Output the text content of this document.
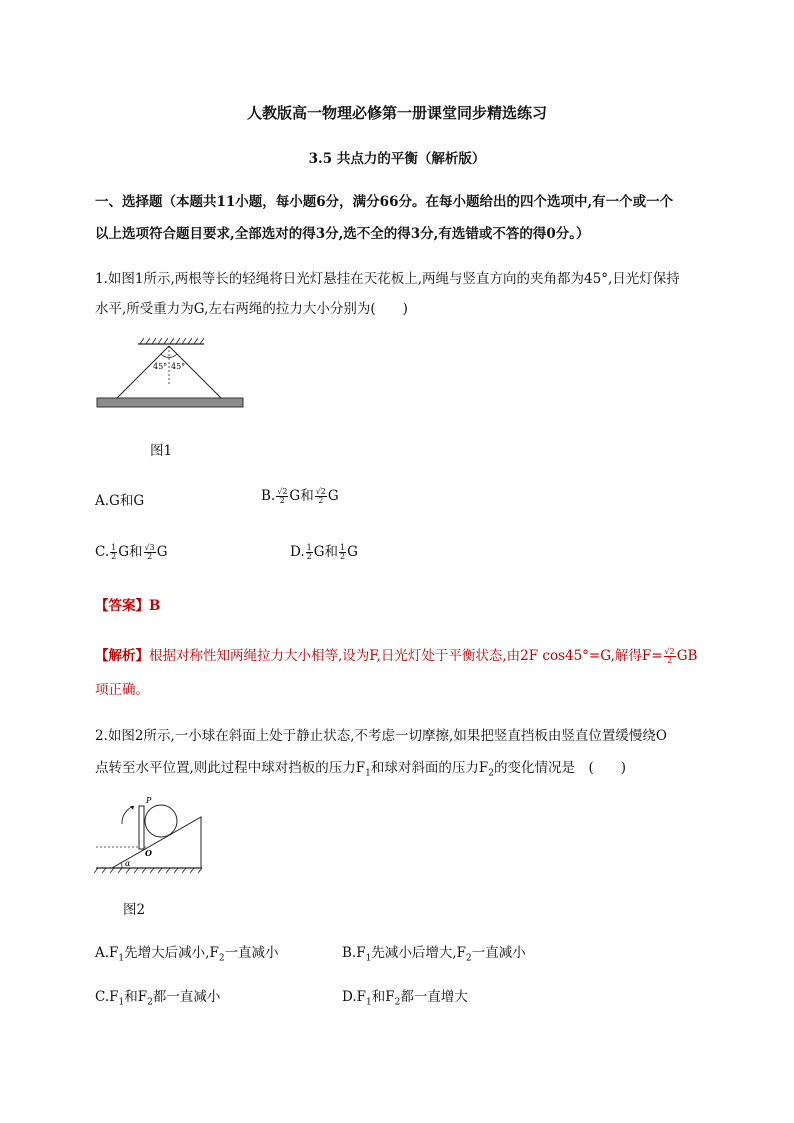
人教版高一物理必修第一册课堂同步精选练习
3.5 共点力的平衡（解析版）
一、选择题（本题共11小题，每小题6分，满分66分。在每小题给出的四个选项中,有一个或一个
以上选项符合题目要求,全部选对的得3分,选不全的得3分,有选错或不答的得0分。）
1.如图1所示,两根等长的轻绳将日光灯悬挂在天花板上,两绳与竖直方向的夹角都为45°,日光灯保持
水平,所受重力为G,左右两绳的拉力大小分别为(　　)
45° 45°
图1
A.G和G	B. $\frac{√2}{2}$ G和 $\frac{√2}{2}$ G
C. $\frac{1}{2}$ G和 $\frac{√3}{2}$ G	D. $\frac{1}{2}$ G和 $\frac{1}{2}$ G
【答案】B
【解析】根据对称性知两绳拉力大小相等,设为F,日光灯处于平衡状态,由2F cos45°=G,解得$F= \frac{√2}{2}$ GB
项正确。
2.如图2所示,一小球在斜面上处于静止状态,不考虑一切摩擦,如果把竖直挡板由竖直位置缓慢绕O
点转至水平位置,则此过程中球对挡板的压力$F_1$和球对斜面的压力$F_2$的变化情况是　(　　)
P
O
α
图2
$A.F_1$先增大后减小$,F_2$一直减小	$B.F_1$先减小后增大$,F_2$一直减小
$C.F_1$和$F_2$都一直减小	$D.F_1$和$F_2$都一直增大
